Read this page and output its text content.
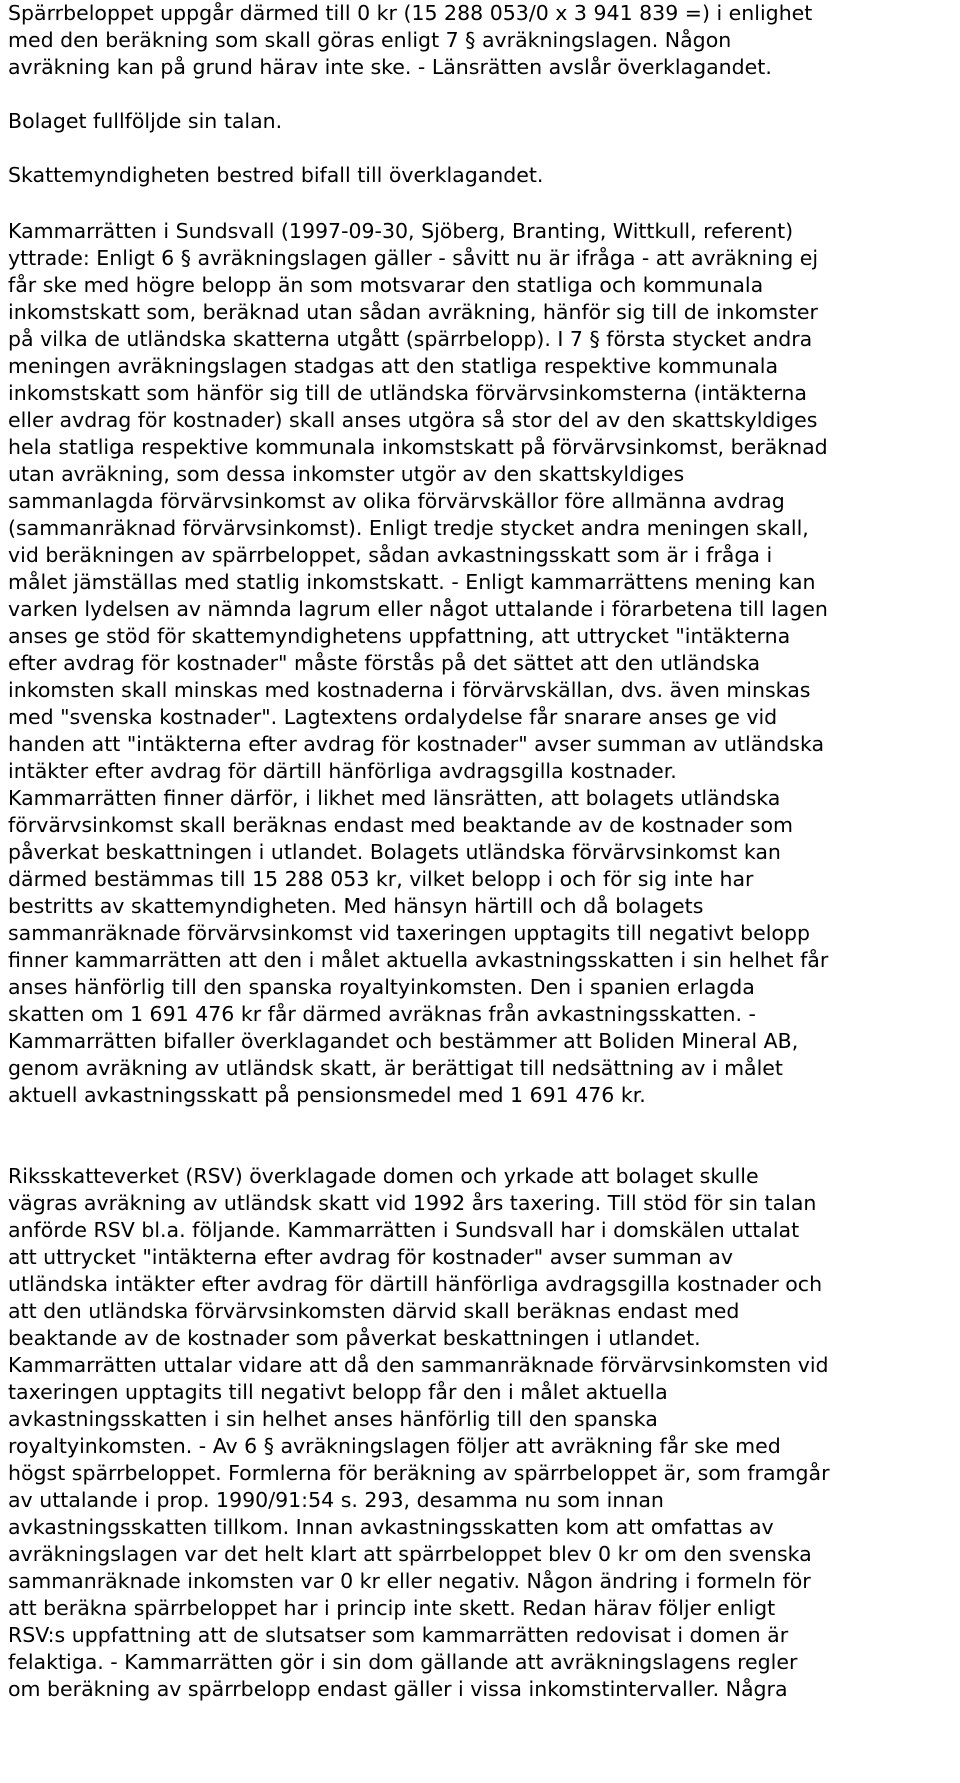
Spärrbeloppet uppgår därmed till 0 kr (15 288 053/0 x 3 941 839 =) i enlighet
med den beräkning som skall göras enligt 7 § avräkningslagen. Någon
avräkning kan på grund härav inte ske. - Länsrätten avslår överklagandet.

Bolaget fullföljde sin talan.

Skattemyndigheten bestred bifall till överklagandet.

Kammarrätten i Sundsvall (1997-09-30, Sjöberg, Branting, Wittkull, referent)
yttrade: Enligt 6 § avräkningslagen gäller - såvitt nu är ifråga - att avräkning ej
får ske med högre belopp än som motsvarar den statliga och kommunala
inkomstskatt som, beräknad utan sådan avräkning, hänför sig till de inkomster
på vilka de utländska skatterna utgått (spärrbelopp). I 7 § första stycket andra
meningen avräkningslagen stadgas att den statliga respektive kommunala
inkomstskatt som hänför sig till de utländska förvärvsinkomsterna (intäkterna
eller avdrag för kostnader) skall anses utgöra så stor del av den skattskyldiges
hela statliga respektive kommunala inkomstskatt på förvärvsinkomst, beräknad
utan avräkning, som dessa inkomster utgör av den skattskyldiges
sammanlagda förvärvsinkomst av olika förvärvskällor före allmänna avdrag
(sammanräknad förvärvsinkomst). Enligt tredje stycket andra meningen skall,
vid beräkningen av spärrbeloppet, sådan avkastningsskatt som är i fråga i
målet jämställas med statlig inkomstskatt. - Enligt kammarrättens mening kan
varken lydelsen av nämnda lagrum eller något uttalande i förarbetena till lagen
anses ge stöd för skattemyndighetens uppfattning, att uttrycket "intäkterna
efter avdrag för kostnader" måste förstås på det sättet att den utländska
inkomsten skall minskas med kostnaderna i förvärvskällan, dvs. även minskas
med "svenska kostnader". Lagtextens ordalydelse får snarare anses ge vid
handen att "intäkterna efter avdrag för kostnader" avser summan av utländska
intäkter efter avdrag för därtill hänförliga avdragsgilla kostnader.
Kammarrätten finner därför, i likhet med länsrätten, att bolagets utländska
förvärvsinkomst skall beräknas endast med beaktande av de kostnader som
påverkat beskattningen i utlandet. Bolagets utländska förvärvsinkomst kan
därmed bestämmas till 15 288 053 kr, vilket belopp i och för sig inte har
bestritts av skattemyndigheten. Med hänsyn härtill och då bolagets
sammanräknade förvärvsinkomst vid taxeringen upptagits till negativt belopp
finner kammarrätten att den i målet aktuella avkastningsskatten i sin helhet får
anses hänförlig till den spanska royaltyinkomsten. Den i spanien erlagda
skatten om 1 691 476 kr får därmed avräknas från avkastningsskatten. -
Kammarrätten bifaller överklagandet och bestämmer att Boliden Mineral AB,
genom avräkning av utländsk skatt, är berättigat till nedsättning av i målet
aktuell avkastningsskatt på pensionsmedel med 1 691 476 kr.

Riksskatteverket (RSV) överklagade domen och yrkade att bolaget skulle
vägras avräkning av utländsk skatt vid 1992 års taxering. Till stöd för sin talan
anförde RSV bl.a. följande. Kammarrätten i Sundsvall har i domskälen uttalat
att uttrycket "intäkterna efter avdrag för kostnader" avser summan av
utländska intäkter efter avdrag för därtill hänförliga avdragsgilla kostnader och
att den utländska förvärvsinkomsten därvid skall beräknas endast med
beaktande av de kostnader som påverkat beskattningen i utlandet.
Kammarrätten uttalar vidare att då den sammanräknade förvärvsinkomsten vid
taxeringen upptagits till negativt belopp får den i målet aktuella
avkastningsskatten i sin helhet anses hänförlig till den spanska
royaltyinkomsten. - Av 6 § avräkningslagen följer att avräkning får ske med
högst spärrbeloppet. Formlerna för beräkning av spärrbeloppet är, som framgår
av uttalande i prop. 1990/91:54 s. 293, desamma nu som innan
avkastningsskatten tillkom. Innan avkastningsskatten kom att omfattas av
avräkningslagen var det helt klart att spärrbeloppet blev 0 kr om den svenska
sammanräknade inkomsten var 0 kr eller negativ. Någon ändring i formeln för
att beräkna spärrbeloppet har i princip inte skett. Redan härav följer enligt
RSV:s uppfattning att de slutsatser som kammarrätten redovisat i domen är
felaktiga. - Kammarrätten gör i sin dom gällande att avräkningslagens regler
om beräkning av spärrbelopp endast gäller i vissa inkomstintervaller. Några
